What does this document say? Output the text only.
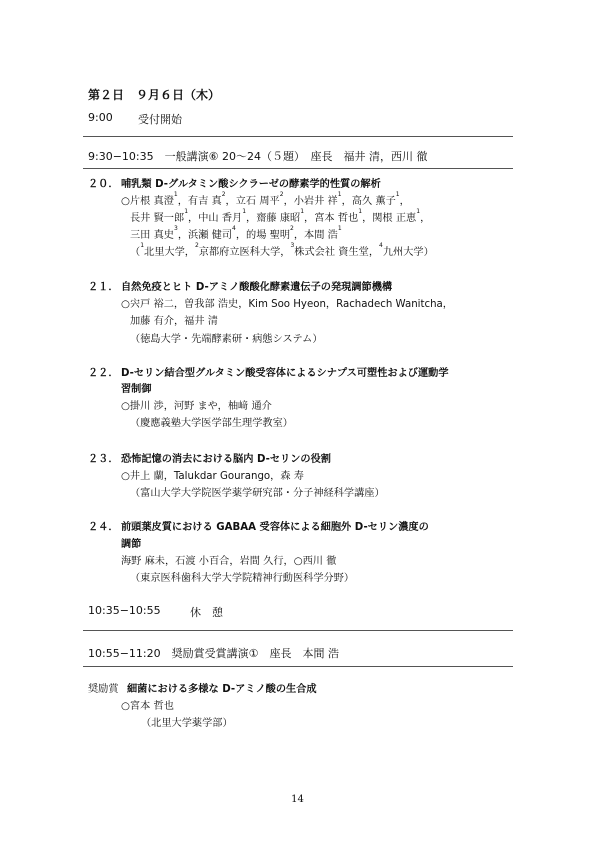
第２日　９月６日（木）
9:00 受付開始
9:30−10:35　一般講演⑥ 20〜24（５題）　座長　福井 清，西川 徹
２０． 哺乳類 D-グルタミン酸シクラーゼの酵素学的性質の解析
○片根 真澄$^1$，有吉 真$^2$，立石 周平$^2$，小岩井 祥$^1$，高久 薫子$^1$，
長井 賢一郎$^1$，中山 香月$^1$，齋藤 康昭$^1$，宮本 哲也$^1$，関根 正恵$^1$，
三田 真史$^3$，浜瀬 健司$^4$，的場 聖明$^2$，本間 浩$^1$
（$^1$北里大学，$^2$京都府立医科大学，$^3$株式会社 資生堂，$^4$九州大学）
２１． 自然免疫とヒト D-アミノ酸酸化酵素遺伝子の発現調節機構
○宍戸 裕二，曽我部 浩史，Kim Soo Hyeon，Rachadech Wanitcha，
加藤 有介，福井 清
（徳島大学・先端酵素研・病態システム）
２２． D-セリン結合型グルタミン酸受容体によるシナプス可塑性および運動学
習制御
○掛川 渉，河野 まや，柚﨑 通介
（慶應義塾大学医学部生理学教室）
２３． 恐怖記憶の消去における脳内 D-セリンの役割
○井上 蘭，Talukdar Gourango，森 寿
（富山大学大学院医学薬学研究部・分子神経科学講座）
２４． 前頭葉皮質における GABAA 受容体による細胞外 D-セリン濃度の
調節
海野 麻未，石渡 小百合，岩間 久行，○西川 徹
（東京医科歯科大学大学院精神行動医科学分野）
10:35−10:55	休　憩
10:55−11:20　奨励賞受賞講演①　座長　本間 浩
奨励賞 細菌における多様な D-アミノ酸の生合成
○宮本 哲也
（北里大学薬学部）
14
